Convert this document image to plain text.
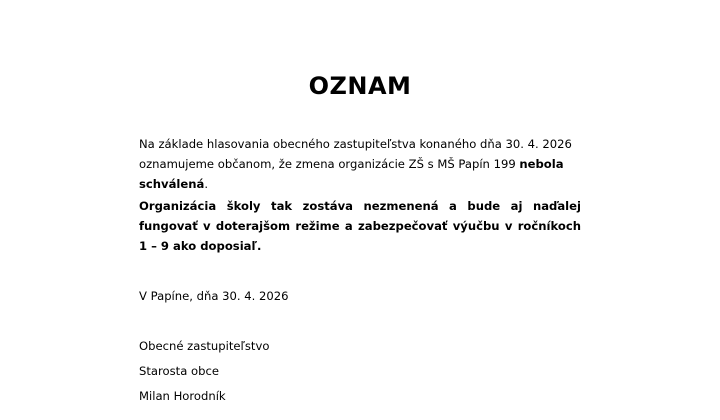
OZNAM

Na základe hlasovania obecného zastupiteľstva konaného dňa 30. 4. 2026 oznamujeme občanom, že zmena organizácie ZŠ s MŠ Papín 199 nebola schválená.

Organizácia školy tak zostáva nezmenená a bude aj naďalej fungovať v doterajšom režime a zabezpečovať výučbu v ročníkoch 1 – 9 ako doposiaľ.

V Papíne, dňa 30. 4. 2026
Obecné zastupiteľstvo
Starosta obce
Milan Horodník
